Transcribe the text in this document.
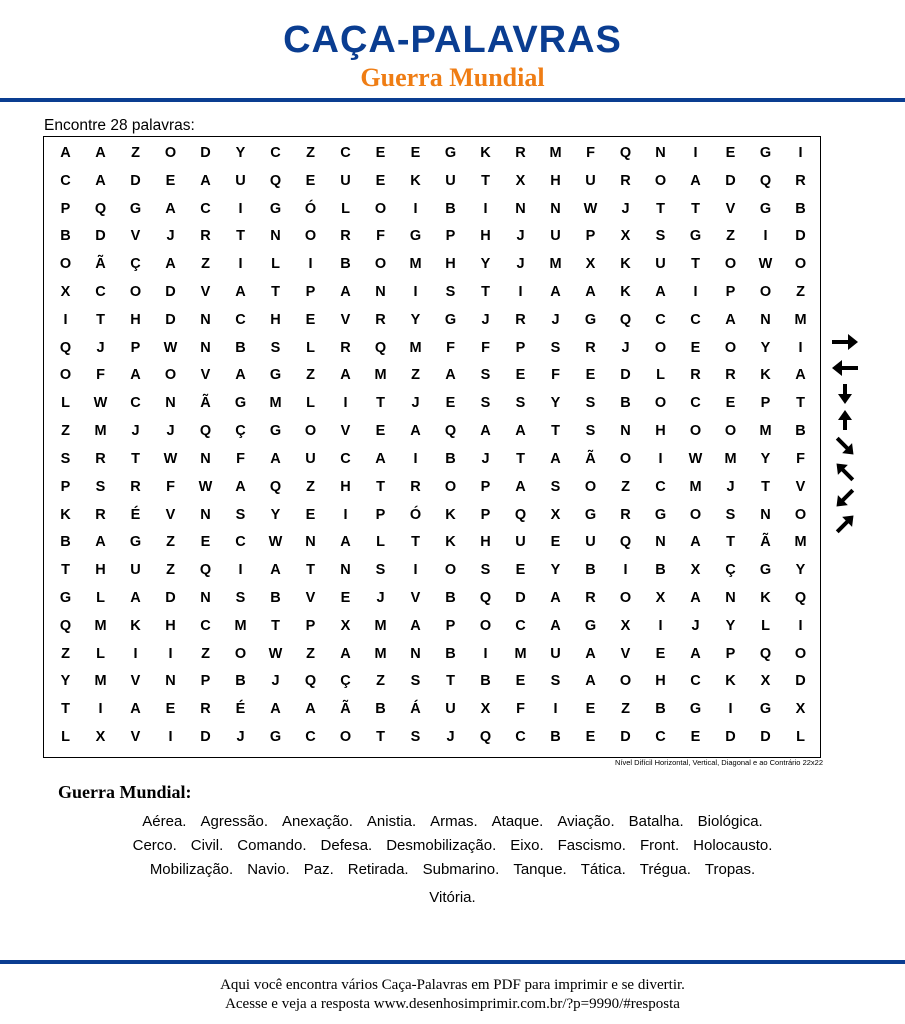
CAÇA-PALAVRAS
Guerra Mundial
Encontre 28 palavras:
A	A	Z	O	D	Y	C	Z	C	E	E	G	K	R	M	F	Q	N	I	E	G	I
C	A	D	E	A	U	Q	E	U	E	K	U	T	X	H	U	R	O	A	D	Q	R
P	Q	G	A	C	I	G	Ó	L	O	I	B	I	N	N	W	J	T	T	V	G	B
B	D	V	J	R	T	N	O	R	F	G	P	H	J	U	P	X	S	G	Z	I	D
O	Ã	Ç	A	Z	I	L	I	B	O	M	H	Y	J	M	X	K	U	T	O	W	O
X	C	O	D	V	A	T	P	A	N	I	S	T	I	A	A	K	A	I	P	O	Z
I	T	H	D	N	C	H	E	V	R	Y	G	J	R	J	G	Q	C	C	A	N	M
Q	J	P	W	N	B	S	L	R	Q	M	F	F	P	S	R	J	O	E	O	Y	I
O	F	A	O	V	A	G	Z	A	M	Z	A	S	E	F	E	D	L	R	R	K	A
L	W	C	N	Ã	G	M	L	I	T	J	E	S	S	Y	S	B	O	C	E	P	T
Z	M	J	J	Q	Ç	G	O	V	E	A	Q	A	A	T	S	N	H	O	O	M	B
S	R	T	W	N	F	A	U	C	A	I	B	J	T	A	Ã	O	I	W	M	Y	F
P	S	R	F	W	A	Q	Z	H	T	R	O	P	A	S	O	Z	C	M	J	T	V
K	R	É	V	N	S	Y	E	I	P	Ó	K	P	Q	X	G	R	G	O	S	N	O
B	A	G	Z	E	C	W	N	A	L	T	K	H	U	E	U	Q	N	A	T	Ã	M
T	H	U	Z	Q	I	A	T	N	S	I	O	S	E	Y	B	I	B	X	Ç	G	Y
G	L	A	D	N	S	B	V	E	J	V	B	Q	D	A	R	O	X	A	N	K	Q
Q	M	K	H	C	M	T	P	X	M	A	P	O	C	A	G	X	I	J	Y	L	I
Z	L	I	I	Z	O	W	Z	A	M	N	B	I	M	U	A	V	E	A	P	Q	O
Y	M	V	N	P	B	J	Q	Ç	Z	S	T	B	E	S	A	O	H	C	K	X	D
T	I	A	E	R	É	A	A	Ã	B	Á	U	X	F	I	E	Z	B	G	I	G	X
L	X	V	I	D	J	G	C	O	T	S	J	Q	C	B	E	D	C	E	D	D	L
Nível Difícil Horizontal, Vertical, Diagonal e ao Contrário 22x22
Guerra Mundial:
Aérea. Agressão. Anexação. Anistia. Armas. Ataque. Aviação. Batalha. Biológica.
Cerco. Civil. Comando. Defesa. Desmobilização. Eixo. Fascismo. Front. Holocausto.
Mobilização. Navio. Paz. Retirada. Submarino. Tanque. Tática. Trégua. Tropas.
Vitória.
Aqui você encontra vários Caça-Palavras em PDF para imprimir e se divertir.
Acesse e veja a resposta www.desenhosimprimir.com.br/?p=9990/#resposta
